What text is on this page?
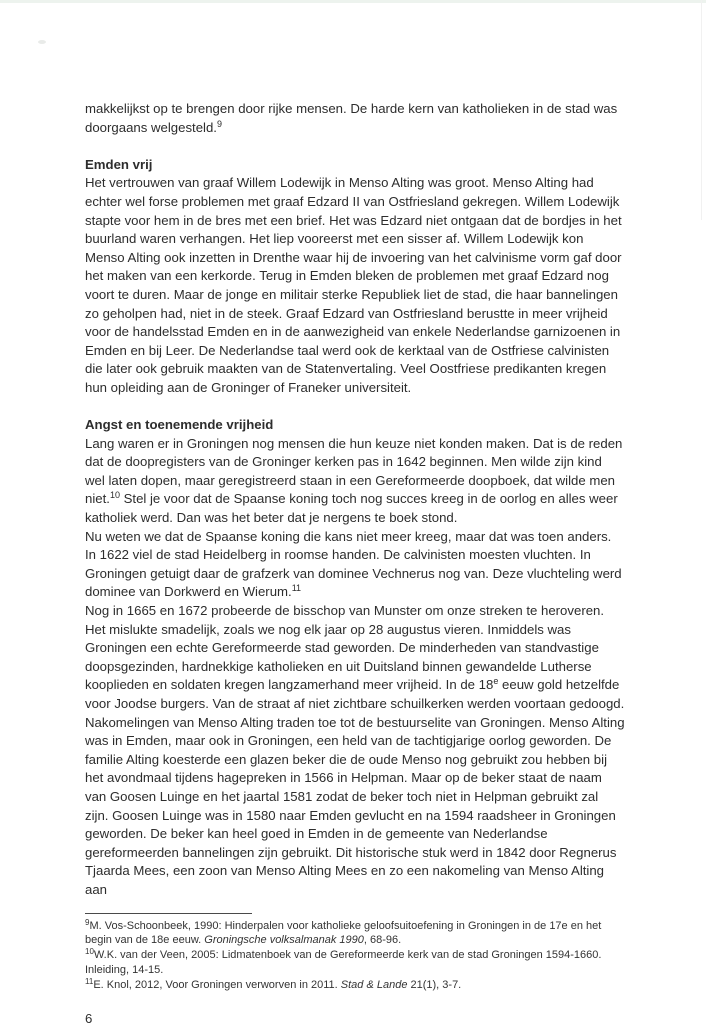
makkelijkst op te brengen door rijke mensen. De harde kern van katholieken in de stad was doorgaans welgesteld.$^9$

Emden vrij

Het vertrouwen van graaf Willem Lodewijk in Menso Alting was groot. Menso Alting had echter wel forse problemen met graaf Edzard II van Ostfriesland gekregen. Willem Lodewijk stapte voor hem in de bres met een brief. Het was Edzard niet ontgaan dat de bordjes in het buurland waren verhangen. Het liep vooreerst met een sisser af. Willem Lodewijk kon Menso Alting ook inzetten in Drenthe waar hij de invoering van het calvinisme vorm gaf door het maken van een kerkorde. Terug in Emden bleken de problemen met graaf Edzard nog voort te duren. Maar de jonge en militair sterke Republiek liet de stad, die haar bannelingen zo geholpen had, niet in de steek. Graaf Edzard van Ostfriesland berustte in meer vrijheid voor de handelsstad Emden en in de aanwezigheid van enkele Nederlandse garnizoenen in Emden en bij Leer. De Nederlandse taal werd ook de kerktaal van de Ostfriese calvinisten die later ook gebruik maakten van de Statenvertaling. Veel Oostfriese predikanten kregen hun opleiding aan de Groninger of Franeker universiteit.

Angst en toenemende vrijheid

Lang waren er in Groningen nog mensen die hun keuze niet konden maken. Dat is de reden dat de doopregisters van de Groninger kerken pas in 1642 beginnen. Men wilde zijn kind wel laten dopen, maar geregistreerd staan in een Gereformeerde doopboek, dat wilde men niet.$^{10}$ Stel je voor dat de Spaanse koning toch nog succes kreeg in de oorlog en alles weer katholiek werd. Dan was het beter dat je nergens te boek stond.

Nu weten we dat de Spaanse koning die kans niet meer kreeg, maar dat was toen anders. In 1622 viel de stad Heidelberg in roomse handen. De calvinisten moesten vluchten. In Groningen getuigt daar de grafzerk van dominee Vechnerus nog van. Deze vluchteling werd dominee van Dorkwerd en Wierum.$^{11}$

Nog in 1665 en 1672 probeerde de bisschop van Munster om onze streken te heroveren. Het mislukte smadelijk, zoals we nog elk jaar op 28 augustus vieren. Inmiddels was Groningen een echte Gereformeerde stad geworden. De minderheden van standvastige doopsgezinden, hardnekkige katholieken en uit Duitsland binnen gewandelde Lutherse kooplieden en soldaten kregen langzamerhand meer vrijheid. In de 18e eeuw gold hetzelfde voor Joodse burgers. Van de straat af niet zichtbare schuilkerken werden voortaan gedoogd. Nakomelingen van Menso Alting traden toe tot de bestuurselite van Groningen. Menso Alting was in Emden, maar ook in Groningen, een held van de tachtigjarige oorlog geworden. De familie Alting koesterde een glazen beker die de oude Menso nog gebruikt zou hebben bij het avondmaal tijdens hagepreken in 1566 in Helpman. Maar op de beker staat de naam van Goosen Luinge en het jaartal 1581 zodat de beker toch niet in Helpman gebruikt zal zijn. Goosen Luinge was in 1580 naar Emden gevlucht en na 1594 raadsheer in Groningen geworden. De beker kan heel goed in Emden in de gemeente van Nederlandse gereformeerden bannelingen zijn gebruikt. Dit historische stuk werd in 1842 door Regnerus Tjaarda Mees, een zoon van Menso Alting Mees en zo een nakomeling van Menso Alting aan

$^9$M. Vos-Schoonbeek, 1990: Hinderpalen voor katholieke geloofsuitoefening in Groningen in de 17e en het begin van de 18e eeuw. Groningsche volksalmanak 1990, 68-96.

$^{10}$W.K. van der Veen, 2005: Lidmatenboek van de Gereformeerde kerk van de stad Groningen 1594-1660. Inleiding, 14-15.

$^{11}$E. Knol, 2012, Voor Groningen verworven in 2011. Stad & Lande 21(1), 3-7.

6
